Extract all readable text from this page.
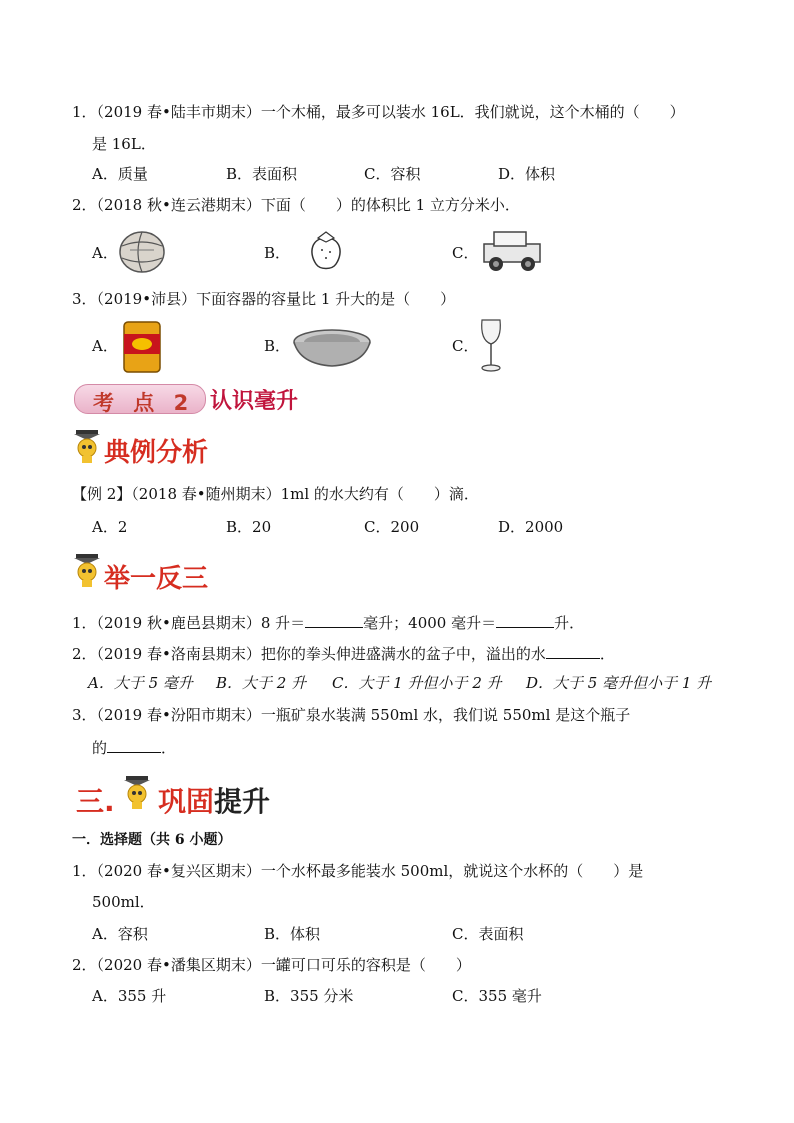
1．（2019 春•陆丰市期末）一个木桶，最多可以装水 16L．我们就说，这个木桶的（　　）
是 16L．
A．质量	B．表面积	C．容积	D．体积
2．（2018 秋•连云港期末）下面（　　）的体积比 1 立方分米小．
A．	B．	C．
3．（2019•沛县）下面容器的容量比 1 升大的是（　　）
A．	B．	C．
考 点 2 认识毫升
典例分析
【例 2】（2018 春•随州期末）1ml 的水大约有（　　）滴．
A．2	B．20	C．200	D．2000
举一反三
1．（2019 秋•鹿邑县期末）8 升＝	毫升；4000 毫升＝	升．
2．（2019 春•洛南县期末）把你的拳头伸进盛满水的盆子中，溢出的水	．
A．大于 5 毫升 B．大于 2 升 C．大于 1 升但小于 2 升 D．大于 5 毫升但小于 1 升
3．（2019 春•汾阳市期末）一瓶矿泉水装满 550ml 水，我们说 550ml 是这个瓶子
的	．
三. 巩固提升
一．选择题（共 6 小题）
1．（2020 春•复兴区期末）一个水杯最多能装水 500ml，就说这个水杯的（　　）是
500ml．
A．容积	B．体积	C．表面积
2．（2020 春•潘集区期末）一罐可口可乐的容积是（　　）
A．355 升	B．355 分米	C．355 毫升
